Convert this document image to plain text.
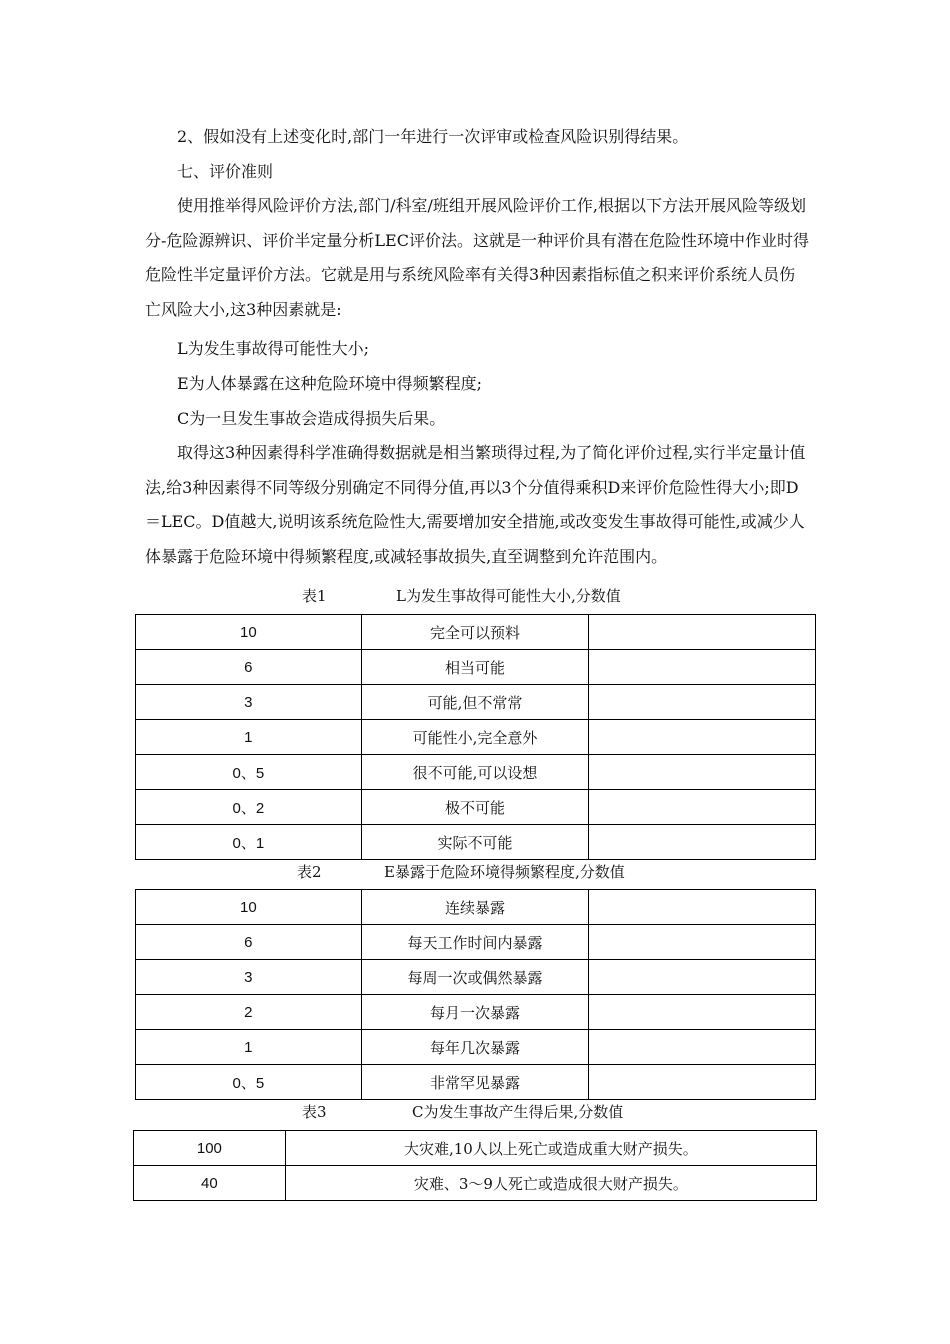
2、假如没有上述变化时,部门一年进行一次评审或检查风险识别得结果。

七、评价准则

使用推举得风险评价方法,部门/科室/班组开展风险评价工作,根据以下方法开展风险等级划分-危险源辨识、评价半定量分析LEC评价法。这就是一种评价具有潜在危险性环境中作业时得危险性半定量评价方法。它就是用与系统风险率有关得3种因素指标值之积来评价系统人员伤亡风险大小,这3种因素就是:

L为发生事故得可能性大小;

E为人体暴露在这种危险环境中得频繁程度;

C为一旦发生事故会造成得损失后果。

取得这3种因素得科学准确得数据就是相当繁琐得过程,为了简化评价过程,实行半定量计值法,给3种因素得不同等级分别确定不同得分值,再以3个分值得乘积D来评价危险性得大小;即D＝LEC。D值越大,说明该系统危险性大,需要增加安全措施,或改变发生事故得可能性,或减少人体暴露于危险环境中得频繁程度,或减轻事故损失,直至调整到允许范围内。

表1	L为发生事故得可能性大小,分数值
10	完全可以预料	
6	相当可能	
3	可能,但不常常	
1	可能性小,完全意外	
0、5	很不可能,可以设想	
0、2	极不可能	
0、1	实际不可能	
表2	E暴露于危险环境得频繁程度,分数值
10	连续暴露	
6	每天工作时间内暴露	
3	每周一次或偶然暴露	
2	每月一次暴露	
1	每年几次暴露	
0、5	非常罕见暴露	
表3	C为发生事故产生得后果,分数值
100	大灾难,10人以上死亡或造成重大财产损失。
40	灾难、3～9人死亡或造成很大财产损失。
